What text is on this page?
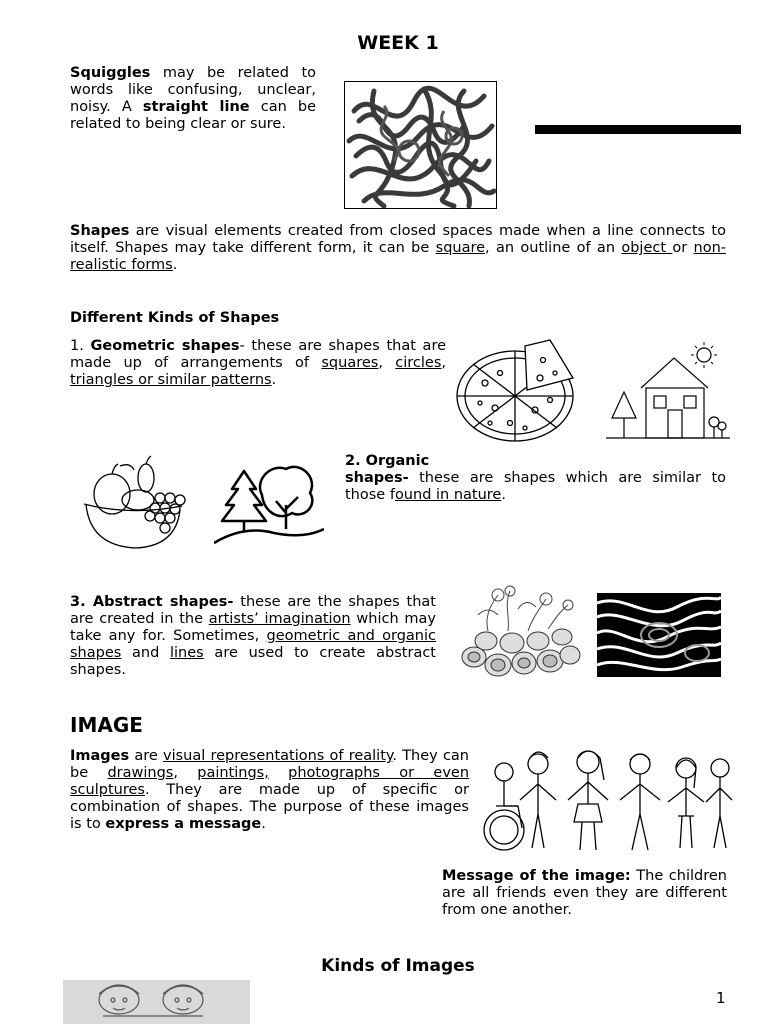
WEEK 1

Squiggles may be related to words like confusing, unclear, noisy. A straight line can be related to being clear or sure.

Shapes are visual elements created from closed spaces made when a line connects to itself. Shapes may take different form, it can be square, an outline of an object or non-realistic forms.

Different Kinds of Shapes

1. Geometric shapes- these are shapes that are made up of arrangements of squares, circles, triangles or similar patterns.

2. Organic

shapes- these are shapes which are similar to those found in nature.

3. Abstract shapes- these are the shapes that are created in the artists’ imagination which may take any for. Sometimes, geometric and organic shapes and lines are used to create abstract shapes.

IMAGE

Images are visual representations of reality. They can be drawings, paintings, photographs or even sculptures. They are made up of specific or combination of shapes. The purpose of these images is to express a message.

Message of the image: The children are all friends even they are different from one another.

Kinds of Images
1
